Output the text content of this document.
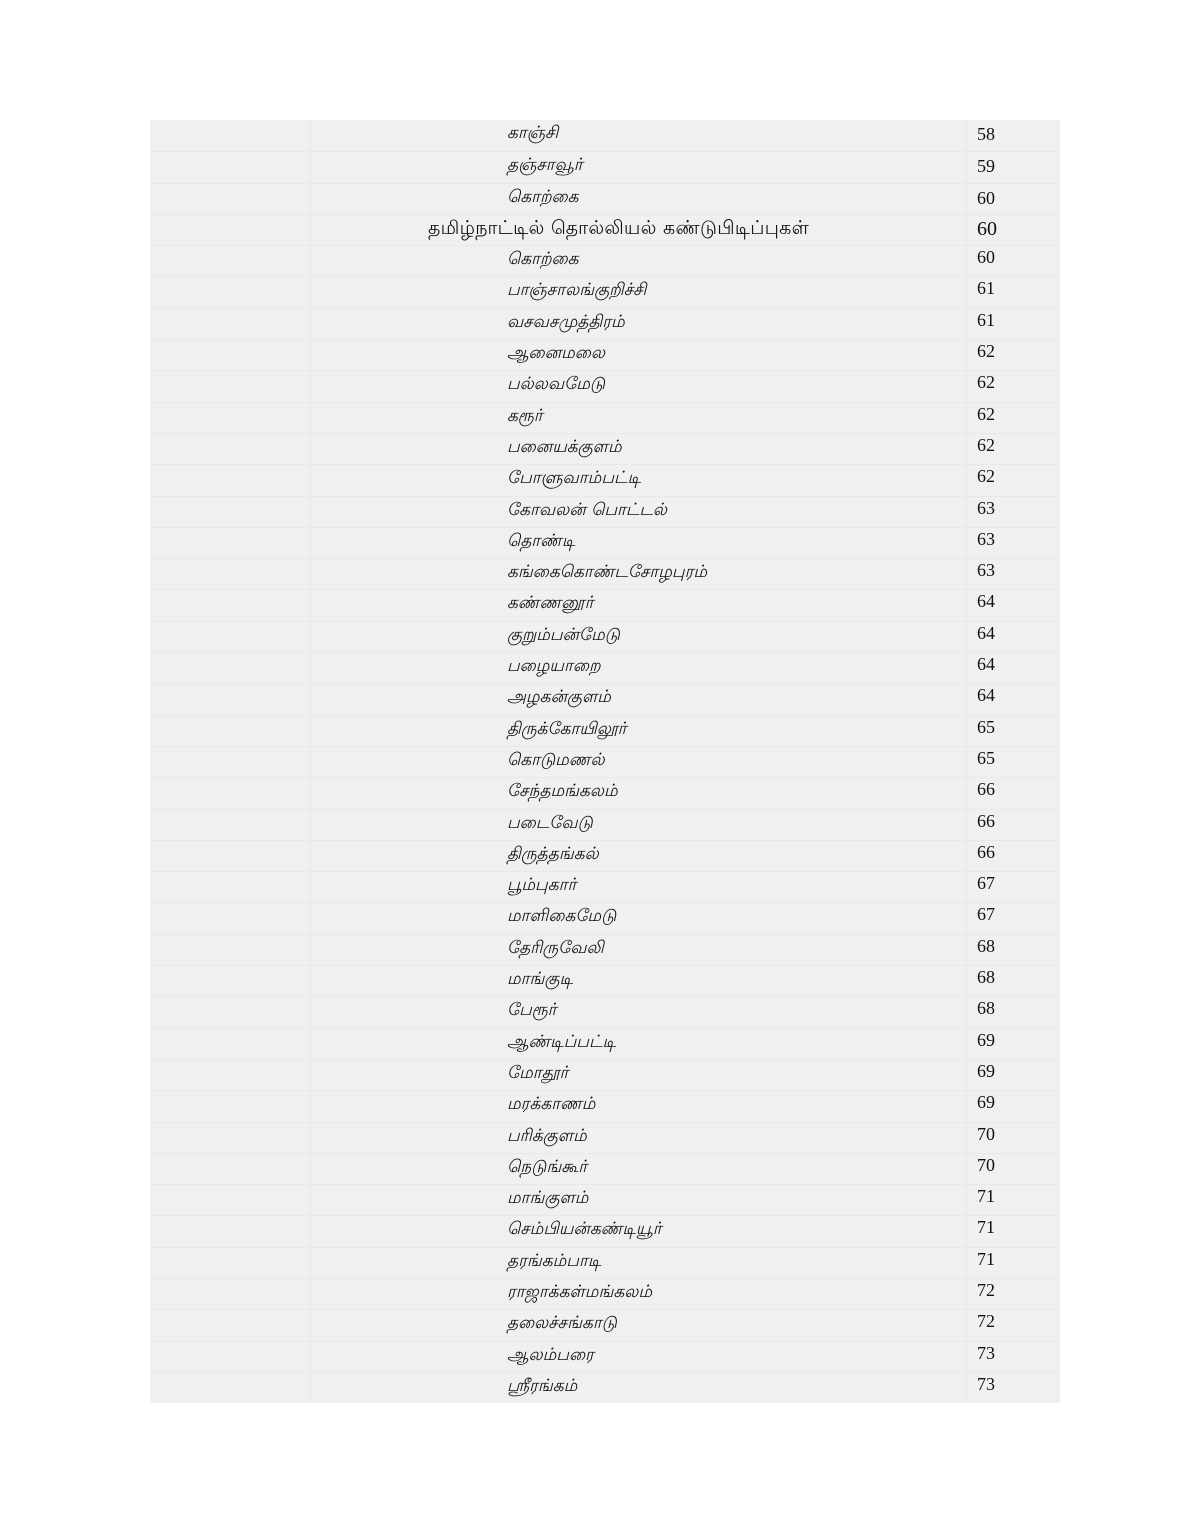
காஞ்சி	58
தஞ்சாவூர்	59
கொற்கை	60
தமிழ்நாட்டில் தொல்லியல் கண்டுபிடிப்புகள்	60
கொற்கை	60
பாஞ்சாலங்குறிச்சி	61
வசவசமுத்திரம்	61
ஆனைமலை	62
பல்லவமேடு	62
கரூர்	62
பனையக்குளம்	62
போளுவாம்பட்டி	62
கோவலன் பொட்டல்	63
தொண்டி	63
கங்கைகொண்டசோழபுரம்	63
கண்ணனூர்	64
குறும்பன்மேடு	64
பழையாறை	64
அழகன்குளம்	64
திருக்கோயிலூர்	65
கொடுமணல்	65
சேந்தமங்கலம்	66
படைவேடு	66
திருத்தங்கல்	66
பூம்புகார்	67
மாளிகைமேடு	67
தேரிருவேலி	68
மாங்குடி	68
பேரூர்	68
ஆண்டிப்பட்டி	69
மோதூர்	69
மரக்காணம்	69
பரிக்குளம்	70
நெடுங்கூர்	70
மாங்குளம்	71
செம்பியன்கண்டியூர்	71
தரங்கம்பாடி	71
ராஜாக்கள்மங்கலம்	72
தலைச்சங்காடு	72
ஆலம்பரை	73
ஸ்ரீரங்கம்	73
